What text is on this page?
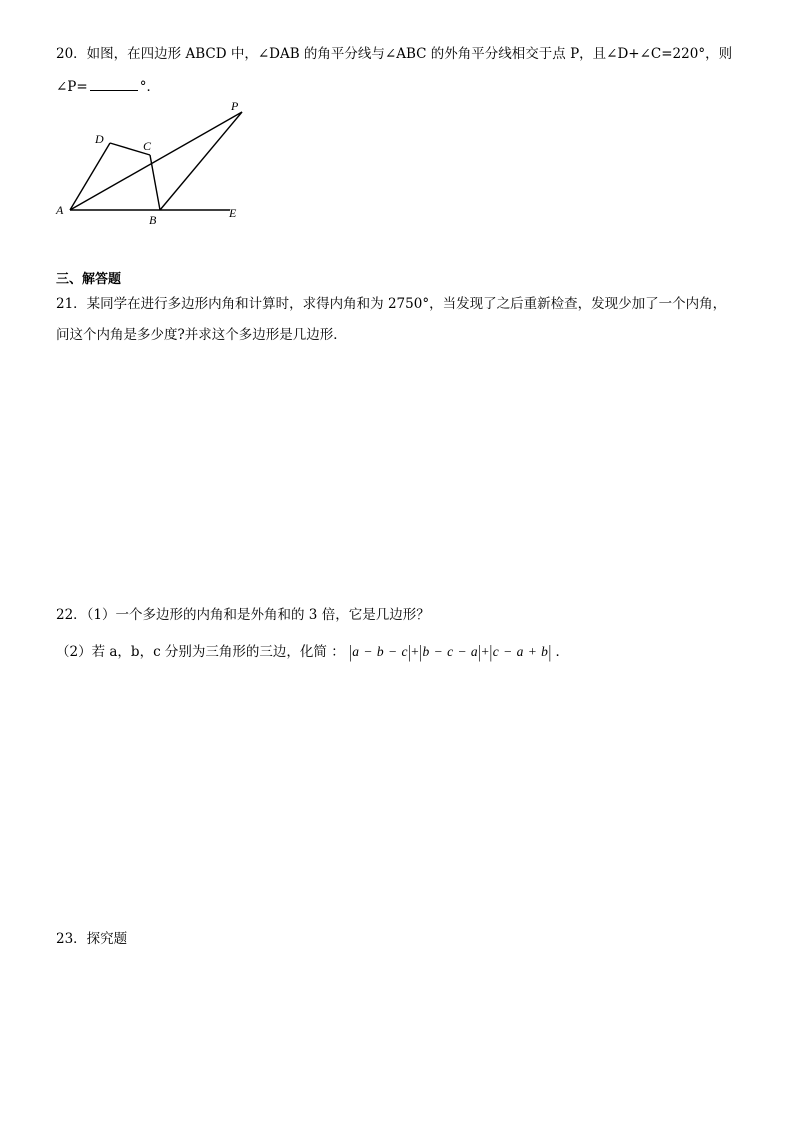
20．如图，在四边形 ABCD 中，∠DAB 的角平分线与∠ABC 的外角平分线相交于点 P，且∠D+∠C=220°，则
∠P=	°．
A
B
C
D
E
P
三、解答题
21．某同学在进行多边形内角和计算时，求得内角和为 2750°，当发现了之后重新检查，发现少加了一个内角，
问这个内角是多少度?并求这个多边形是几边形．
22．（1）一个多边形的内角和是外角和的 3 倍，它是几边形？
（2）若 a，b，c 分别为三角形的三边，化简 ： |a − b − c|+|b − c − a|+|c − a + b| ．
23．探究题
